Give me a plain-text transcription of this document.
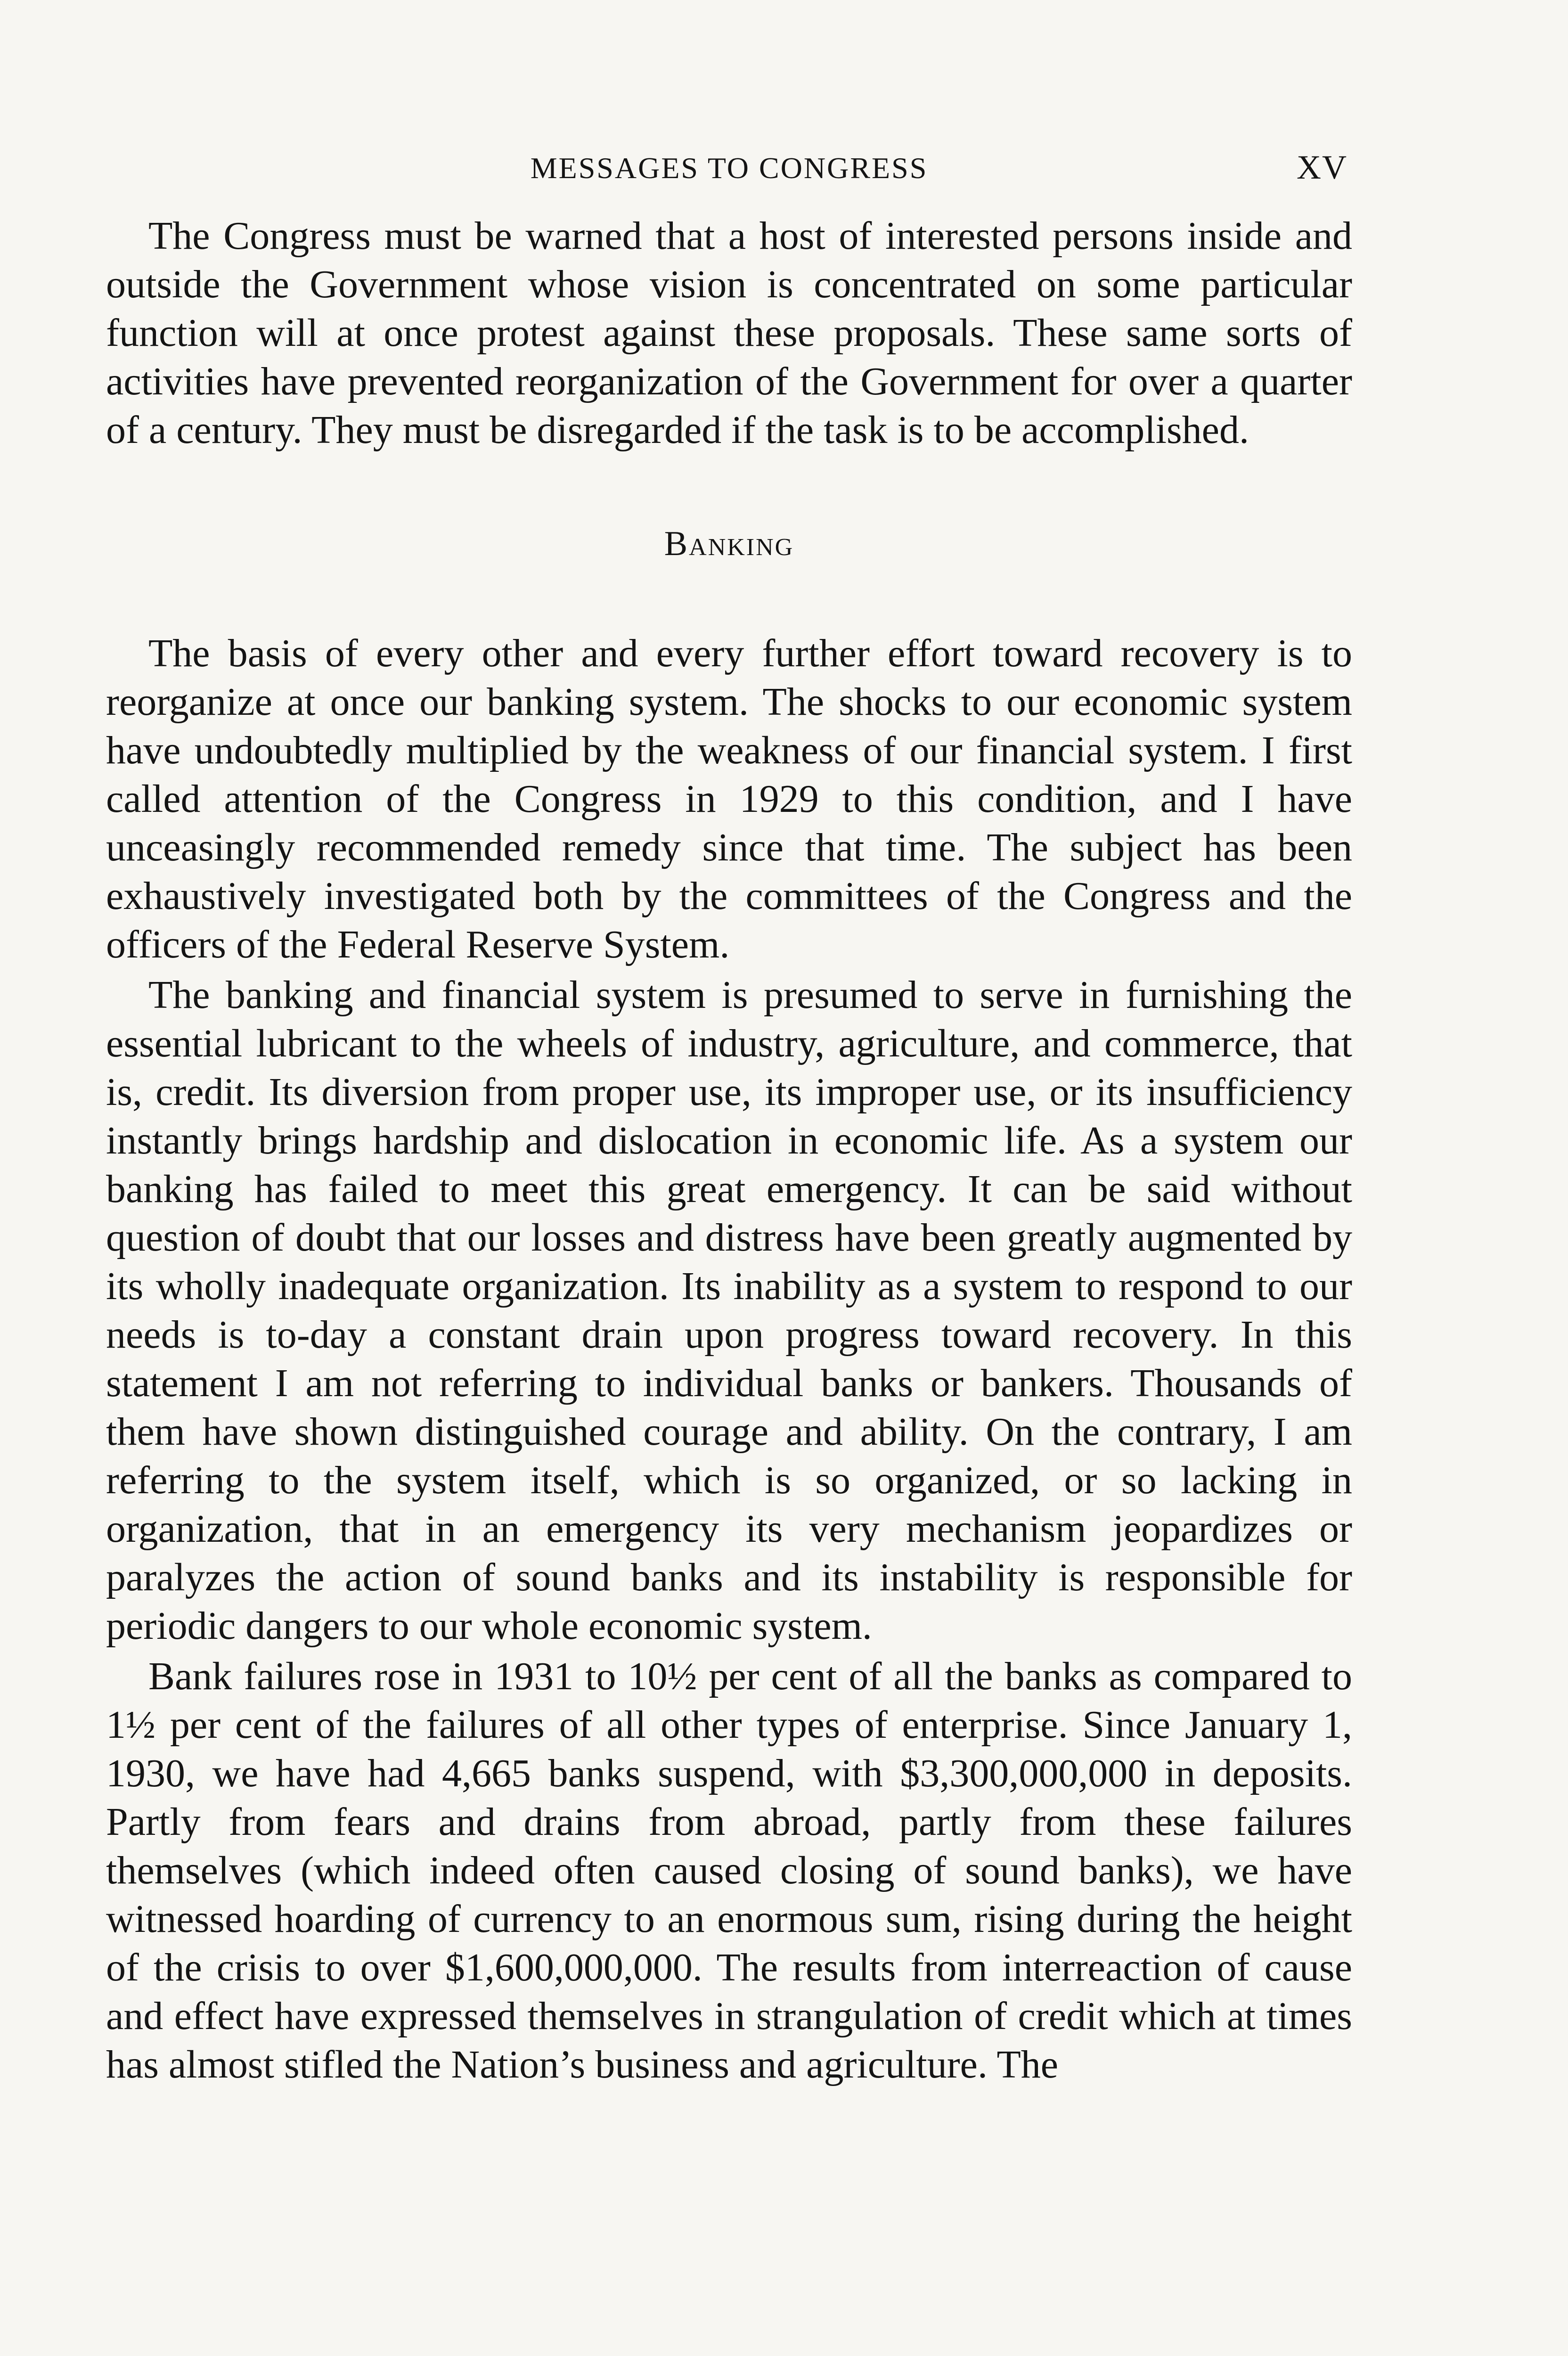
MESSAGES TO CONGRESS	XV

The Congress must be warned that a host of interested persons inside and outside the Government whose vision is concentrated on some particular function will at once protest against these proposals. These same sorts of activities have prevented reorganization of the Government for over a quarter of a century. They must be disregarded if the task is to be accomplished.

Banking

The basis of every other and every further effort toward recovery is to reorganize at once our banking system. The shocks to our economic system have undoubtedly multiplied by the weakness of our financial system. I first called attention of the Congress in 1929 to this condition, and I have unceasingly recommended remedy since that time. The subject has been exhaustively investigated both by the committees of the Congress and the officers of the Federal Reserve System.

The banking and financial system is presumed to serve in furnishing the essential lubricant to the wheels of industry, agriculture, and commerce, that is, credit. Its diversion from proper use, its improper use, or its insufficiency instantly brings hardship and dislocation in economic life. As a system our banking has failed to meet this great emergency. It can be said without question of doubt that our losses and distress have been greatly augmented by its wholly inadequate organization. Its inability as a system to respond to our needs is to-day a constant drain upon progress toward recovery. In this statement I am not referring to individual banks or bankers. Thousands of them have shown distinguished courage and ability. On the contrary, I am referring to the system itself, which is so organized, or so lacking in organization, that in an emergency its very mechanism jeopardizes or paralyzes the action of sound banks and its instability is responsible for periodic dangers to our whole economic system.

Bank failures rose in 1931 to 10½ per cent of all the banks as compared to 1½ per cent of the failures of all other types of enterprise. Since January 1, 1930, we have had 4,665 banks suspend, with $3,300,000,000 in deposits. Partly from fears and drains from abroad, partly from these failures themselves (which indeed often caused closing of sound banks), we have witnessed hoarding of currency to an enormous sum, rising during the height of the crisis to over $1,600,000,000. The results from interreaction of cause and effect have expressed themselves in strangulation of credit which at times has almost stifled the Nation’s business and agriculture. The
